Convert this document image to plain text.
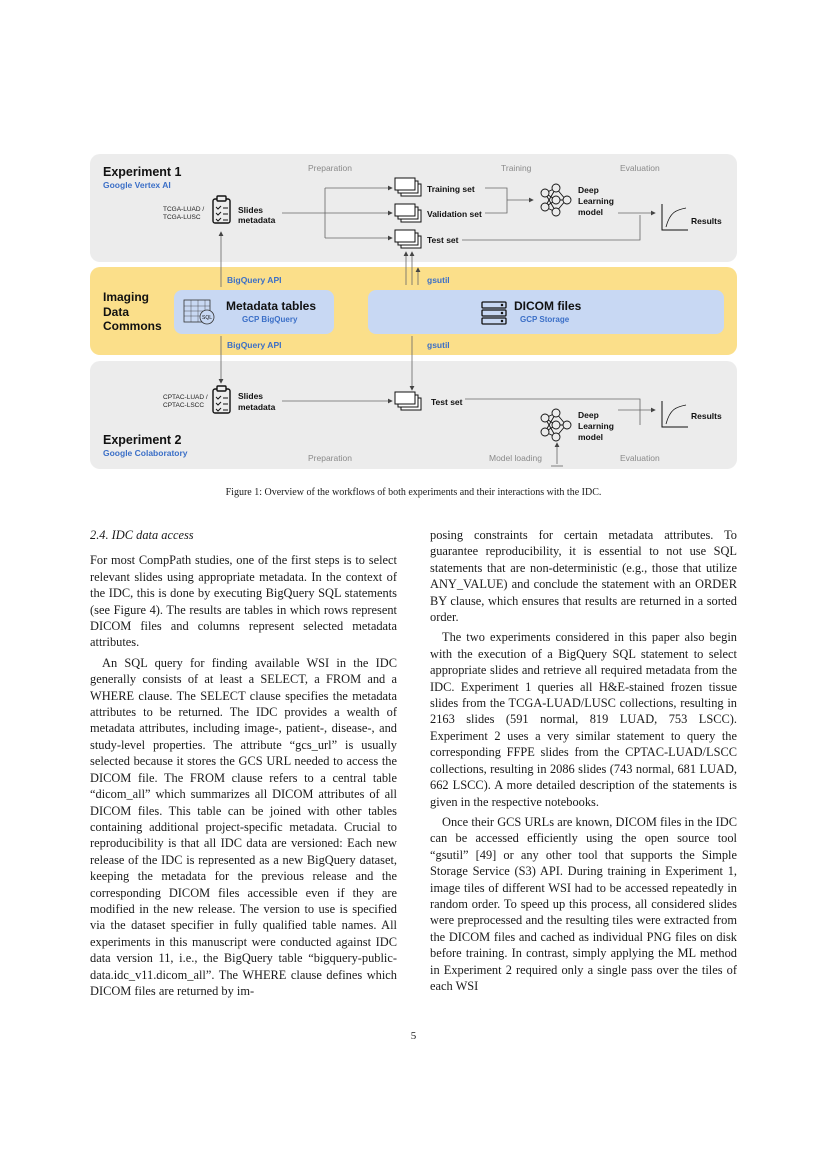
SQL
Experiment 1
Google Vertex AI
Preparation	Training	Evaluation
TCGA-LUAD /
TCGA-LUSC
Slides
metadata
Training set
Validation set
Test set
Deep
Learning
model
Results
Imaging
Data
Commons
BigQuery API	gsutil
BigQuery API	gsutil
Metadata tables
GCP BigQuery
DICOM files
GCP Storage
CPTAC-LUAD /
CPTAC-LSCC
Slides
metadata	Test set
Deep
Learning
model
Results
Experiment 2
Google Colaboratory	Preparation	Model loading	Evaluation
Figure 1: Overview of the workflows of both experiments and their interactions with the IDC.

2.4. IDC data access

For most CompPath studies, one of the first steps is to select relevant slides using appropriate metadata. In the context of the IDC, this is done by executing BigQuery SQL statements (see Figure 4). The results are tables in which rows represent DICOM files and columns represent selected metadata attributes.

An SQL query for finding available WSI in the IDC generally consists of at least a SELECT, a FROM and a WHERE clause. The SELECT clause specifies the metadata attributes to be returned. The IDC provides a wealth of metadata attributes, including image-, patient-, disease-, and study-level properties. The attribute “gcs_url” is usually selected because it stores the GCS URL needed to access the DICOM file. The FROM clause refers to a central table “dicom_all” which summarizes all DICOM attributes of all DICOM files. This table can be joined with other tables containing additional project-specific metadata. Crucial to reproducibility is that all IDC data are versioned: Each new release of the IDC is represented as a new BigQuery dataset, keeping the metadata for the previous release and the corresponding DICOM files accessible even if they are modified in the new release. The version to use is specified via the dataset specifier in fully qualified table names. All experiments in this manuscript were conducted against IDC data version 11, i.e., the BigQuery table “bigquery-public-data.idc_v11.dicom_all”. The WHERE clause defines which DICOM files are returned by im-

posing constraints for certain metadata attributes. To guarantee reproducibility, it is essential to not use SQL statements that are non-deterministic (e.g., those that utilize ANY_VALUE) and conclude the statement with an ORDER BY clause, which ensures that results are returned in a sorted order.

The two experiments considered in this paper also begin with the execution of a BigQuery SQL statement to select appropriate slides and retrieve all required metadata from the IDC. Experiment 1 queries all H&E-stained frozen tissue slides from the TCGA-LUAD/LUSC collections, resulting in 2163 slides (591 normal, 819 LUAD, 753 LSCC). Experiment 2 uses a very similar statement to query the corresponding FFPE slides from the CPTAC-LUAD/LSCC collections, resulting in 2086 slides (743 normal, 681 LUAD, 662 LSCC). A more detailed description of the statements is given in the respective notebooks.

Once their GCS URLs are known, DICOM files in the IDC can be accessed efficiently using the open source tool “gsutil” [49] or any other tool that supports the Simple Storage Service (S3) API. During training in Experiment 1, image tiles of different WSI had to be accessed repeatedly in random order. To speed up this process, all considered slides were preprocessed and the resulting tiles were extracted from the DICOM files and cached as individual PNG files on disk before training. In contrast, simply applying the ML method in Experiment 2 required only a single pass over the tiles of each WSI

5
